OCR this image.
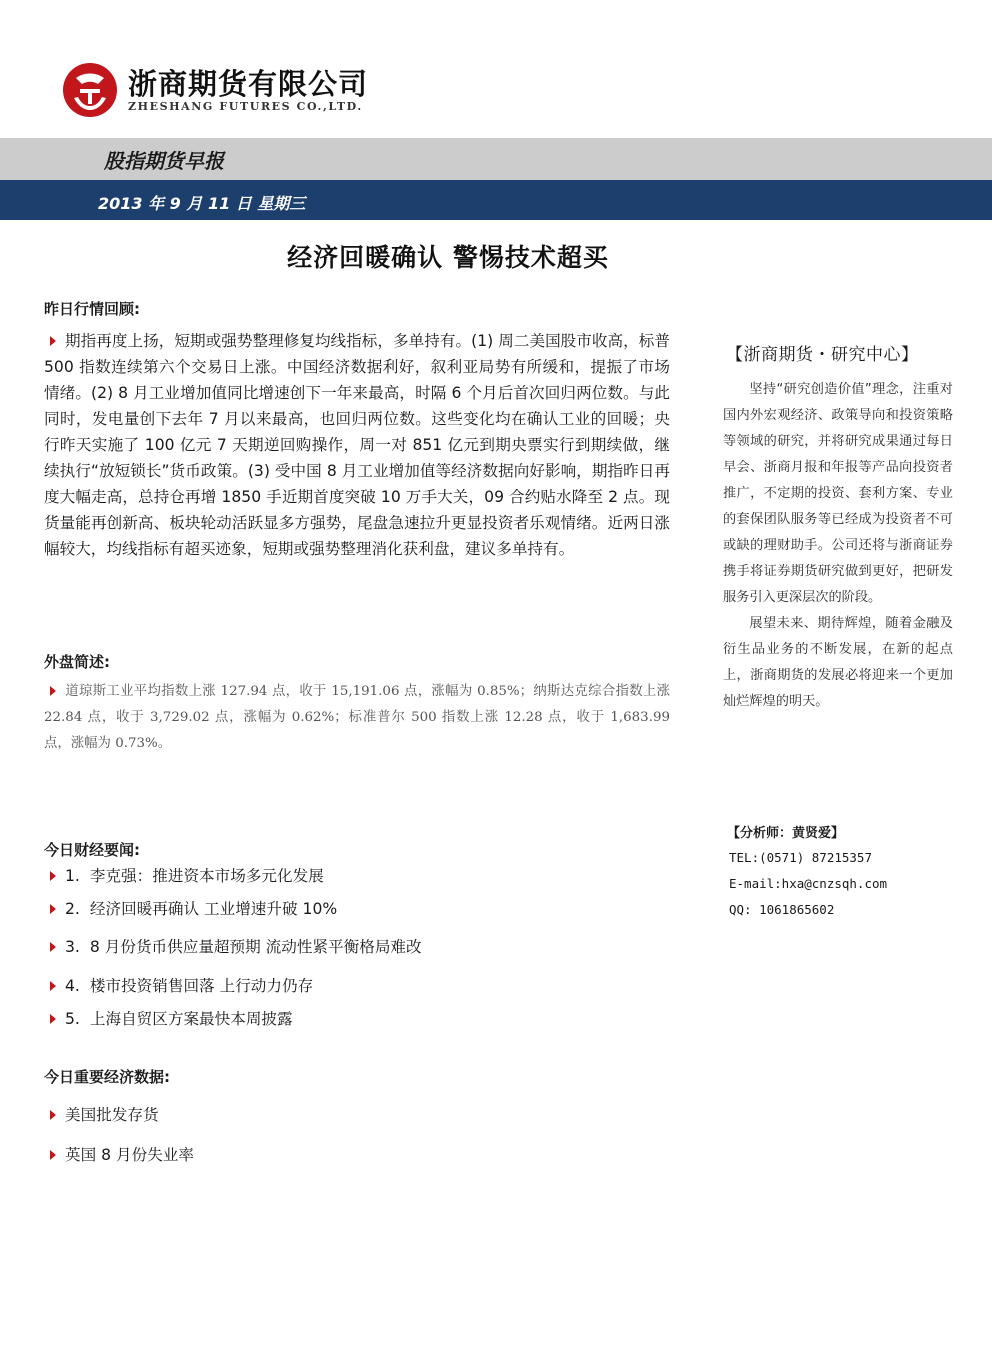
浙商期货有限公司
ZHESHANG FUTURES CO.,LTD.
股指期货早报
2013 年 9 月 11 日 星期三
经济回暖确认 警惕技术超买
昨日行情回顾:
期指再度上扬，短期或强势整理修复均线指标，多单持有。(1) 周二美国股市收高，标普 500 指数连续第六个交易日上涨。中国经济数据利好，叙利亚局势有所缓和，提振了市场情绪。(2) 8 月工业增加值同比增速创下一年来最高，时隔 6 个月后首次回归两位数。与此同时，发电量创下去年 7 月以来最高，也回归两位数。这些变化均在确认工业的回暖；央行昨天实施了 100 亿元 7 天期逆回购操作，周一对 851 亿元到期央票实行到期续做，继续执行“放短锁长”货币政策。(3) 受中国 8 月工业增加值等经济数据向好影响，期指昨日再度大幅走高，总持仓再增 1850 手近期首度突破 10 万手大关，09 合约贴水降至 2 点。现货量能再创新高、板块轮动活跃显多方强势，尾盘急速拉升更显投资者乐观情绪。近两日涨幅较大，均线指标有超买迹象，短期或强势整理消化获利盘，建议多单持有。
外盘简述:
道琼斯工业平均指数上涨 127.94 点，收于 15,191.06 点，涨幅为 0.85%；纳斯达克综合指数上涨 22.84 点，收于 3,729.02 点，涨幅为 0.62%；标准普尔 500 指数上涨 12.28 点，收于 1,683.99 点，涨幅为 0.73%。
今日财经要闻:
1. 李克强：推进资本市场多元化发展
2. 经济回暖再确认 工业增速升破 10%
3. 8 月份货币供应量超预期 流动性紧平衡格局难改
4. 楼市投资销售回落 上行动力仍存
5. 上海自贸区方案最快本周披露
今日重要经济数据:
美国批发存货
英国 8 月份失业率
【浙商期货・研究中心】

坚持“研究创造价值”理念，注重对国内外宏观经济、政策导向和投资策略等领域的研究，并将研究成果通过每日早会、浙商月报和年报等产品向投资者推广，不定期的投资、套利方案、专业的套保团队服务等已经成为投资者不可或缺的理财助手。公司还将与浙商证券携手将证券期货研究做到更好，把研发服务引入更深层次的阶段。

展望未来、期待辉煌，随着金融及衍生品业务的不断发展，在新的起点上，浙商期货的发展必将迎来一个更加灿烂辉煌的明天。

【分析师：黄贤爱】
TEL:(0571) 87215357
E-mail:hxa@cnzsqh.com
QQ: 1061865602
